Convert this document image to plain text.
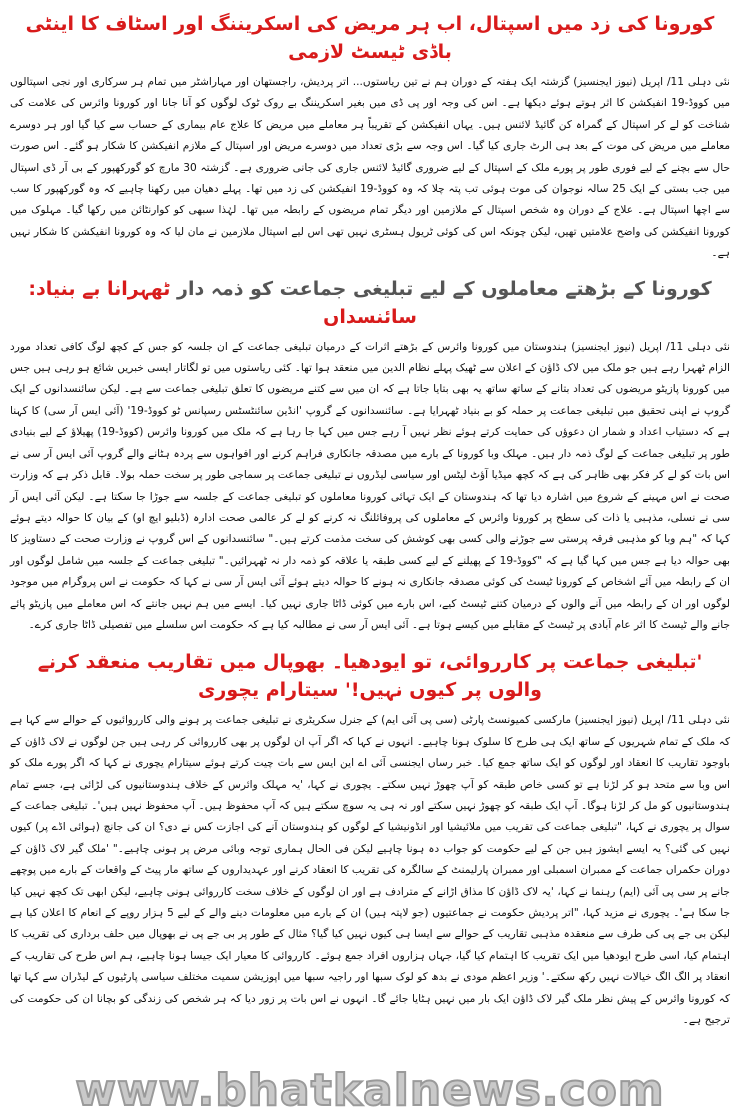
کورونا کی زد میں اسپتال، اب ہر مریض کی اسکریننگ اور اسٹاف کا اینٹی باڈی ٹیسٹ لازمی

نئی دہلی 11/ اپریل (نیوز ایجنسیز) گزشتہ ایک ہفتہ کے دوران ہم نے تین ریاستوں... اتر پردیش، راجستھان اور مہاراشٹر میں تمام ہر سرکاری اور نجی اسپتالوں میں کووڈ-19 انفیکشن کا اثر ہوتے ہوئے دیکھا ہے۔ اس کی وجہ اور پی ڈی میں بغیر اسکریننگ بے روک ٹوک لوگوں کو آنا جانا اور کورونا وائرس کی علامت کی شناخت کو لے کر اسپتال کے گمراہ کن گائیڈ لائنس ہیں۔ یہاں انفیکشن کے تقریباً ہر معاملے میں مریض کا علاج عام بیماری کے حساب سے کیا گیا اور ہر دوسرے معاملے میں مریض کی موت کے بعد ہی الرٹ جاری کیا گیا۔ اس وجہ سے بڑی تعداد میں دوسرے مریض اور اسپتال کے ملازم انفیکشن کا شکار ہو گئے۔ اس صورت حال سے بچنے کے لیے فوری طور پر پورے ملک کے اسپتال کے لیے ضروری گائیڈ لائنس جاری کی جانی ضروری ہے۔ گزشتہ 30 مارچ کو گورکھپور کے بی آر ڈی اسپتال میں جب بستی کے ایک 25 سالہ نوجوان کی موت ہوئی تب پتہ چلا کہ وہ کووڈ-19 انفیکشن کی زد میں تھا۔ پہلے دھیان میں رکھنا چاہیے کہ وہ گورکھپور کا سب سے اچھا اسپتال ہے۔ علاج کے دوران وہ شخص اسپتال کے ملازمین اور دیگر تمام مریضوں کے رابطہ میں تھا۔ لہٰذا سبھی کو کوارنٹائن میں رکھا گیا۔ مہلوک میں کورونا انفیکشن کی واضح علامتیں تھیں، لیکن چونکہ اس کی کوئی ٹریول ہسٹری نہیں تھی اس لیے اسپتال ملازمین نے مان لیا کہ وہ کورونا انفیکشن کا شکار نہیں ہے۔

کورونا کے بڑھتے معاملوں کے لیے تبلیغی جماعت کو ذمہ دار ٹھہرانا بے بنیاد: سائنسداں

نئی دہلی 11/ اپریل (نیوز ایجنسیز) ہندوستان میں کورونا وائرس کے بڑھتے اثرات کے درمیان تبلیغی جماعت کے ان جلسہ کو جس کے کچھ لوگ کافی تعداد مورد الزام ٹھہرا رہے ہیں جو ملک میں لاک ڈاؤن کے اعلان سے ٹھیک پہلے نظام الدین میں منعقد ہوا تھا۔ کئی ریاستوں میں تو لگاتار ایسی خبریں شائع ہو رہی ہیں جس میں کورونا پازیٹو مریضوں کی تعداد بتانے کے ساتھ ساتھ یہ بھی بتایا جاتا ہے کہ ان میں سے کتنے مریضوں کا تعلق تبلیغی جماعت سے ہے۔ لیکن سائنسدانوں کے ایک گروپ نے اپنی تحقیق میں تبلیغی جماعت پر حملہ کو بے بنیاد ٹھہرایا ہے۔ سائنسدانوں کے گروپ 'انڈین سائنٹسٹس رسپانس ٹو کووڈ-19' (آئی ایس آر سی) کا کہنا ہے کہ دستیاب اعداد و شمار ان دعوؤں کی حمایت کرتے ہوئے نظر نہیں آ رہے جس میں کہا جا رہا ہے کہ ملک میں کورونا وائرس (کووڈ-19) پھیلاؤ کے لیے بنیادی طور پر تبلیغی جماعت کے لوگ ذمہ دار ہیں۔ مہلک وبا کورونا کے بارے میں مصدقہ جانکاری فراہم کرنے اور افواہوں سے پردہ ہٹانے والے گروپ آئی ایس آر سی نے اس بات کو لے کر فکر بھی ظاہر کی ہے کہ کچھ میڈیا آؤٹ لیٹس اور سیاسی لیڈروں نے تبلیغی جماعت پر سماجی طور پر سخت حملہ بولا۔ قابل ذکر ہے کہ وزارت صحت نے اس مہینے کے شروع میں اشارہ دیا تھا کہ ہندوستان کے ایک تہائی کورونا معاملوں کو تبلیغی جماعت کے جلسہ سے جوڑا جا سکتا ہے۔ لیکن آئی ایس آر سی نے نسلی، مذہبی یا ذات کی سطح پر کورونا وائرس کے معاملوں کی پروفائلنگ نہ کرنے کو لے کر عالمی صحت ادارہ (ڈبلیو ایچ او) کے بیان کا حوالہ دیتے ہوئے کہا کہ "ہم وبا کو مذہبی فرقہ پرستی سے جوڑنے والی کسی بھی کوشش کی سخت مذمت کرتے ہیں۔" سائنسدانوں کے اس گروپ نے وزارت صحت کے دستاویز کا بھی حوالہ دیا ہے جس میں کہا گیا ہے کہ "کووڈ-19 کے پھیلنے کے لیے کسی طبقہ یا علاقہ کو ذمہ دار نہ ٹھہرائیں۔" تبلیغی جماعت کے جلسہ میں شامل لوگوں اور ان کے رابطہ میں آئے اشخاص کے کورونا ٹیسٹ کی کوئی مصدقہ جانکاری نہ ہونے کا حوالہ دیتے ہوئے آئی ایس آر سی نے کہا کہ حکومت نے اس پروگرام میں موجود لوگوں اور ان کے رابطہ میں آنے والوں کے درمیان کتنے ٹیسٹ کیے، اس بارے میں کوئی ڈاٹا جاری نہیں کیا۔ ایسے میں ہم نہیں جانتے کہ اس معاملے میں پازیٹو پائے جانے والے ٹیسٹ کا اثر عام آبادی پر ٹیسٹ کے مقابلے میں کیسے ہوتا ہے۔ آئی ایس آر سی نے مطالبہ کیا ہے کہ حکومت اس سلسلے میں تفصیلی ڈاٹا جاری کرے۔

'تبلیغی جماعت پر کارروائی، تو ایودھیا۔ بھوپال میں تقاریب منعقد کرنے والوں پر کیوں نہیں!' سیتارام یچوری

نئی دہلی 11/ اپریل (نیوز ایجنسیز) مارکسی کمیونسٹ پارٹی (سی پی آئی ایم) کے جنرل سکریٹری نے تبلیغی جماعت پر ہونے والی کارروائیوں کے حوالے سے کہا ہے کہ ملک کے تمام شہریوں کے ساتھ ایک ہی طرح کا سلوک ہونا چاہیے۔ انہوں نے کہا کہ اگر آپ ان لوگوں پر بھی کارروائی کر رہی ہیں جن لوگوں نے لاک ڈاؤن کے باوجود تقاریب کا انعقاد اور لوگوں کو ایک ساتھ جمع کیا۔ خبر رساں ایجنسی آئی اے این ایس سے بات چیت کرتے ہوئے سیتارام یچوری نے کہا کہ اگر پورے ملک کو اس وبا سے متحد ہو کر لڑنا ہے تو کسی خاص طبقہ کو آپ چھوڑ نہیں سکتے۔ یچوری نے کہا، 'یہ مہلک وائرس کے خلاف ہندوستانیوں کی لڑائی ہے، جسے تمام ہندوستانیوں کو مل کر لڑنا ہوگا۔ آپ ایک طبقہ کو چھوڑ نہیں سکتے اور نہ ہی یہ سوچ سکتے ہیں کہ آپ محفوظ ہیں۔ آپ محفوظ نہیں ہیں'۔ تبلیغی جماعت کے سوال پر یچوری نے کہا، "تبلیغی جماعت کی تقریب میں ملائیشیا اور انڈونیشیا کے لوگوں کو ہندوستان آنے کی اجازت کس نے دی؟ ان کی جانچ (ہوائی اڈے پر) کیوں نہیں کی گئی؟ یہ ایسے ایشوز ہیں جن کے لیے حکومت کو جواب دہ ہونا چاہیے لیکن فی الحال ہماری توجہ وبائی مرض پر ہونی چاہیے۔" 'ملک گیر لاک ڈاؤن کے دوران حکمراں جماعت کے ممبران اسمبلی اور ممبران پارلیمنٹ کے سالگرہ کی تقریب کا انعقاد کرنے اور عہدیداروں کے ساتھ مار پیٹ کے واقعات کے بارے میں پوچھے جانے پر سی پی آئی (ایم) رہنما نے کہا، 'یہ لاک ڈاؤن کا مذاق اڑانے کے مترادف ہے اور ان لوگوں کے خلاف سخت کارروائی ہونی چاہیے، لیکن ابھی تک کچھ نہیں کیا جا سکا ہے'۔ یچوری نے مزید کہا، "اتر پردیش حکومت نے جماعتیوں (جو لاپتہ ہیں) ان کے بارے میں معلومات دینے والے کے لیے 5 ہزار روپے کے انعام کا اعلان کیا ہے لیکن بی جے پی کی طرف سے منعقدہ مذہبی تقاریب کے حوالے سے ایسا ہی کیوں نہیں کیا گیا؟ مثال کے طور پر بی جے پی نے بھوپال میں حلف برداری کی تقریب کا اہتمام کیا، اسی طرح ایودھیا میں ایک تقریب کا اہتمام کیا گیا، جہاں ہزاروں افراد جمع ہوئے۔ کارروائی کا معیار ایک جیسا ہونا چاہیے، ہم اس طرح کی تقاریب کے انعقاد پر الگ الگ خیالات نہیں رکھ سکتے۔' وزیر اعظم مودی نے بدھ کو لوک سبھا اور راجیہ سبھا میں اپوزیشن سمیت مختلف سیاسی پارٹیوں کے لیڈران سے کہا تھا کہ کورونا وائرس کے پیش نظر ملک گیر لاک ڈاؤن ایک بار میں نہیں ہٹایا جائے گا۔ انہوں نے اس بات پر زور دیا کہ ہر شخص کی زندگی کو بچانا ان کی حکومت کی ترجیح ہے۔

www.bhatkalnews.com
